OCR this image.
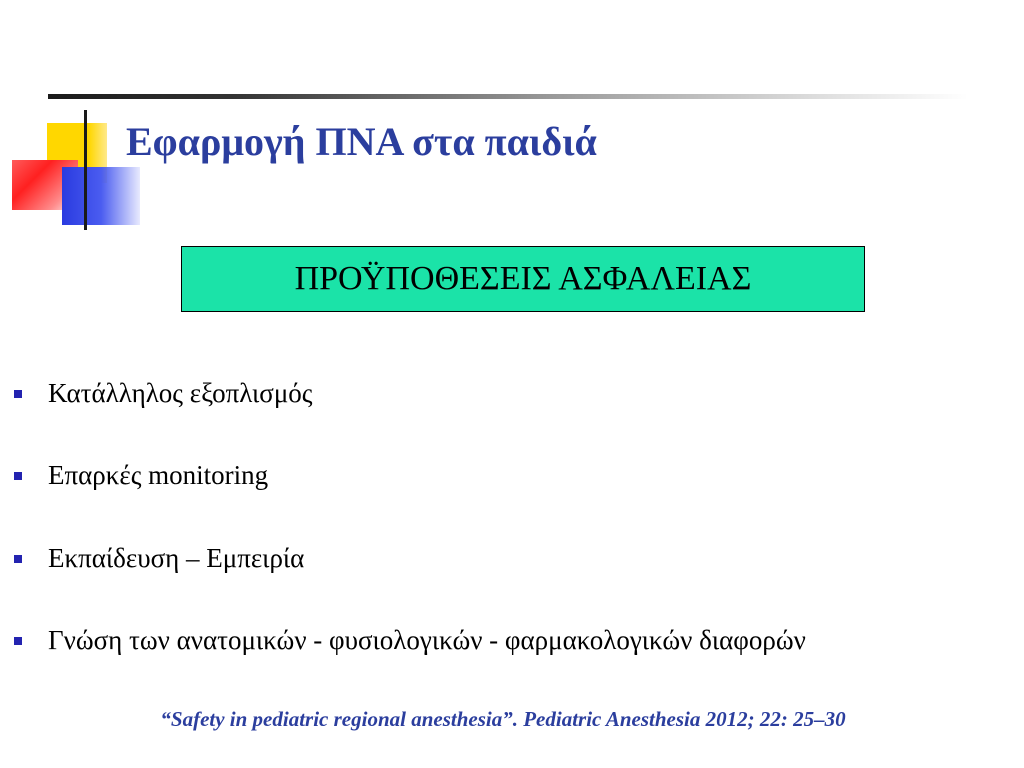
Εφαρμογή ΠΝΑ στα παιδιά
ΠΡΟΫΠΟΘΕΣΕΙΣ ΑΣΦΑΛΕΙΑΣ
Κατάλληλος εξοπλισμός
Επαρκές monitoring
Εκπαίδευση – Εμπειρία
Γνώση των ανατομικών - φυσιολογικών - φαρμακολογικών διαφορών
“Safety in pediatric regional anesthesia”. Pediatric Anesthesia 2012; 22: 25–30
